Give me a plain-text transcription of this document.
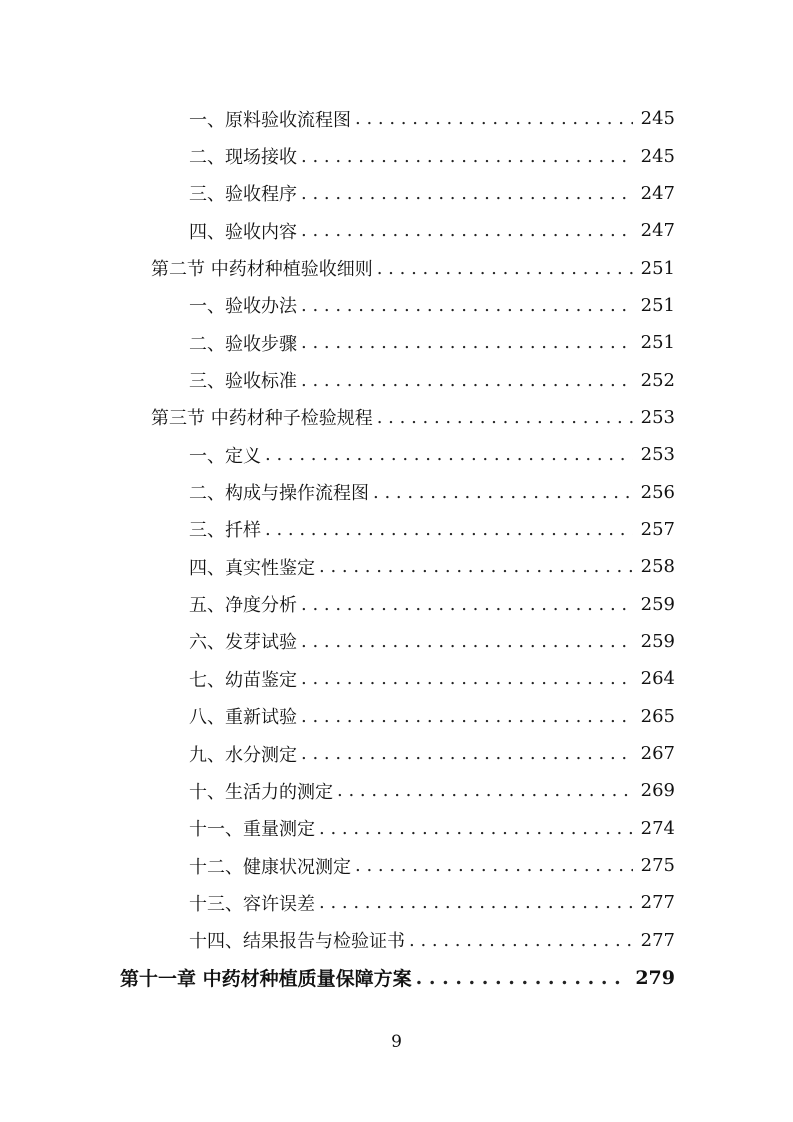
一、原料验收流程图 . . .	245
二、现场接收 . . .	245
三、验收程序 . . .	247
四、验收内容 . . .	247
第二节 中药材种植验收细则 . . .	251
一、验收办法 . . .	251
二、验收步骤 . . .	251
三、验收标准 . . .	252
第三节 中药材种子检验规程 . . .	253
一、定义 . . .	253
二、构成与操作流程图 . . .	256
三、扦样 . . .	257
四、真实性鉴定 . . .	258
五、净度分析 . . .	259
六、发芽试验 . . .	259
七、幼苗鉴定 . . .	264
八、重新试验 . . .	265
九、水分测定 . . .	267
十、生活力的测定 . . .	269
十一、重量测定 . . .	274
十二、健康状况测定 . . .	275
十三、容许误差 . . .	277
十四、结果报告与检验证书 . . .	277
第十一章 中药材种植质量保障方案 . . .	279
9
